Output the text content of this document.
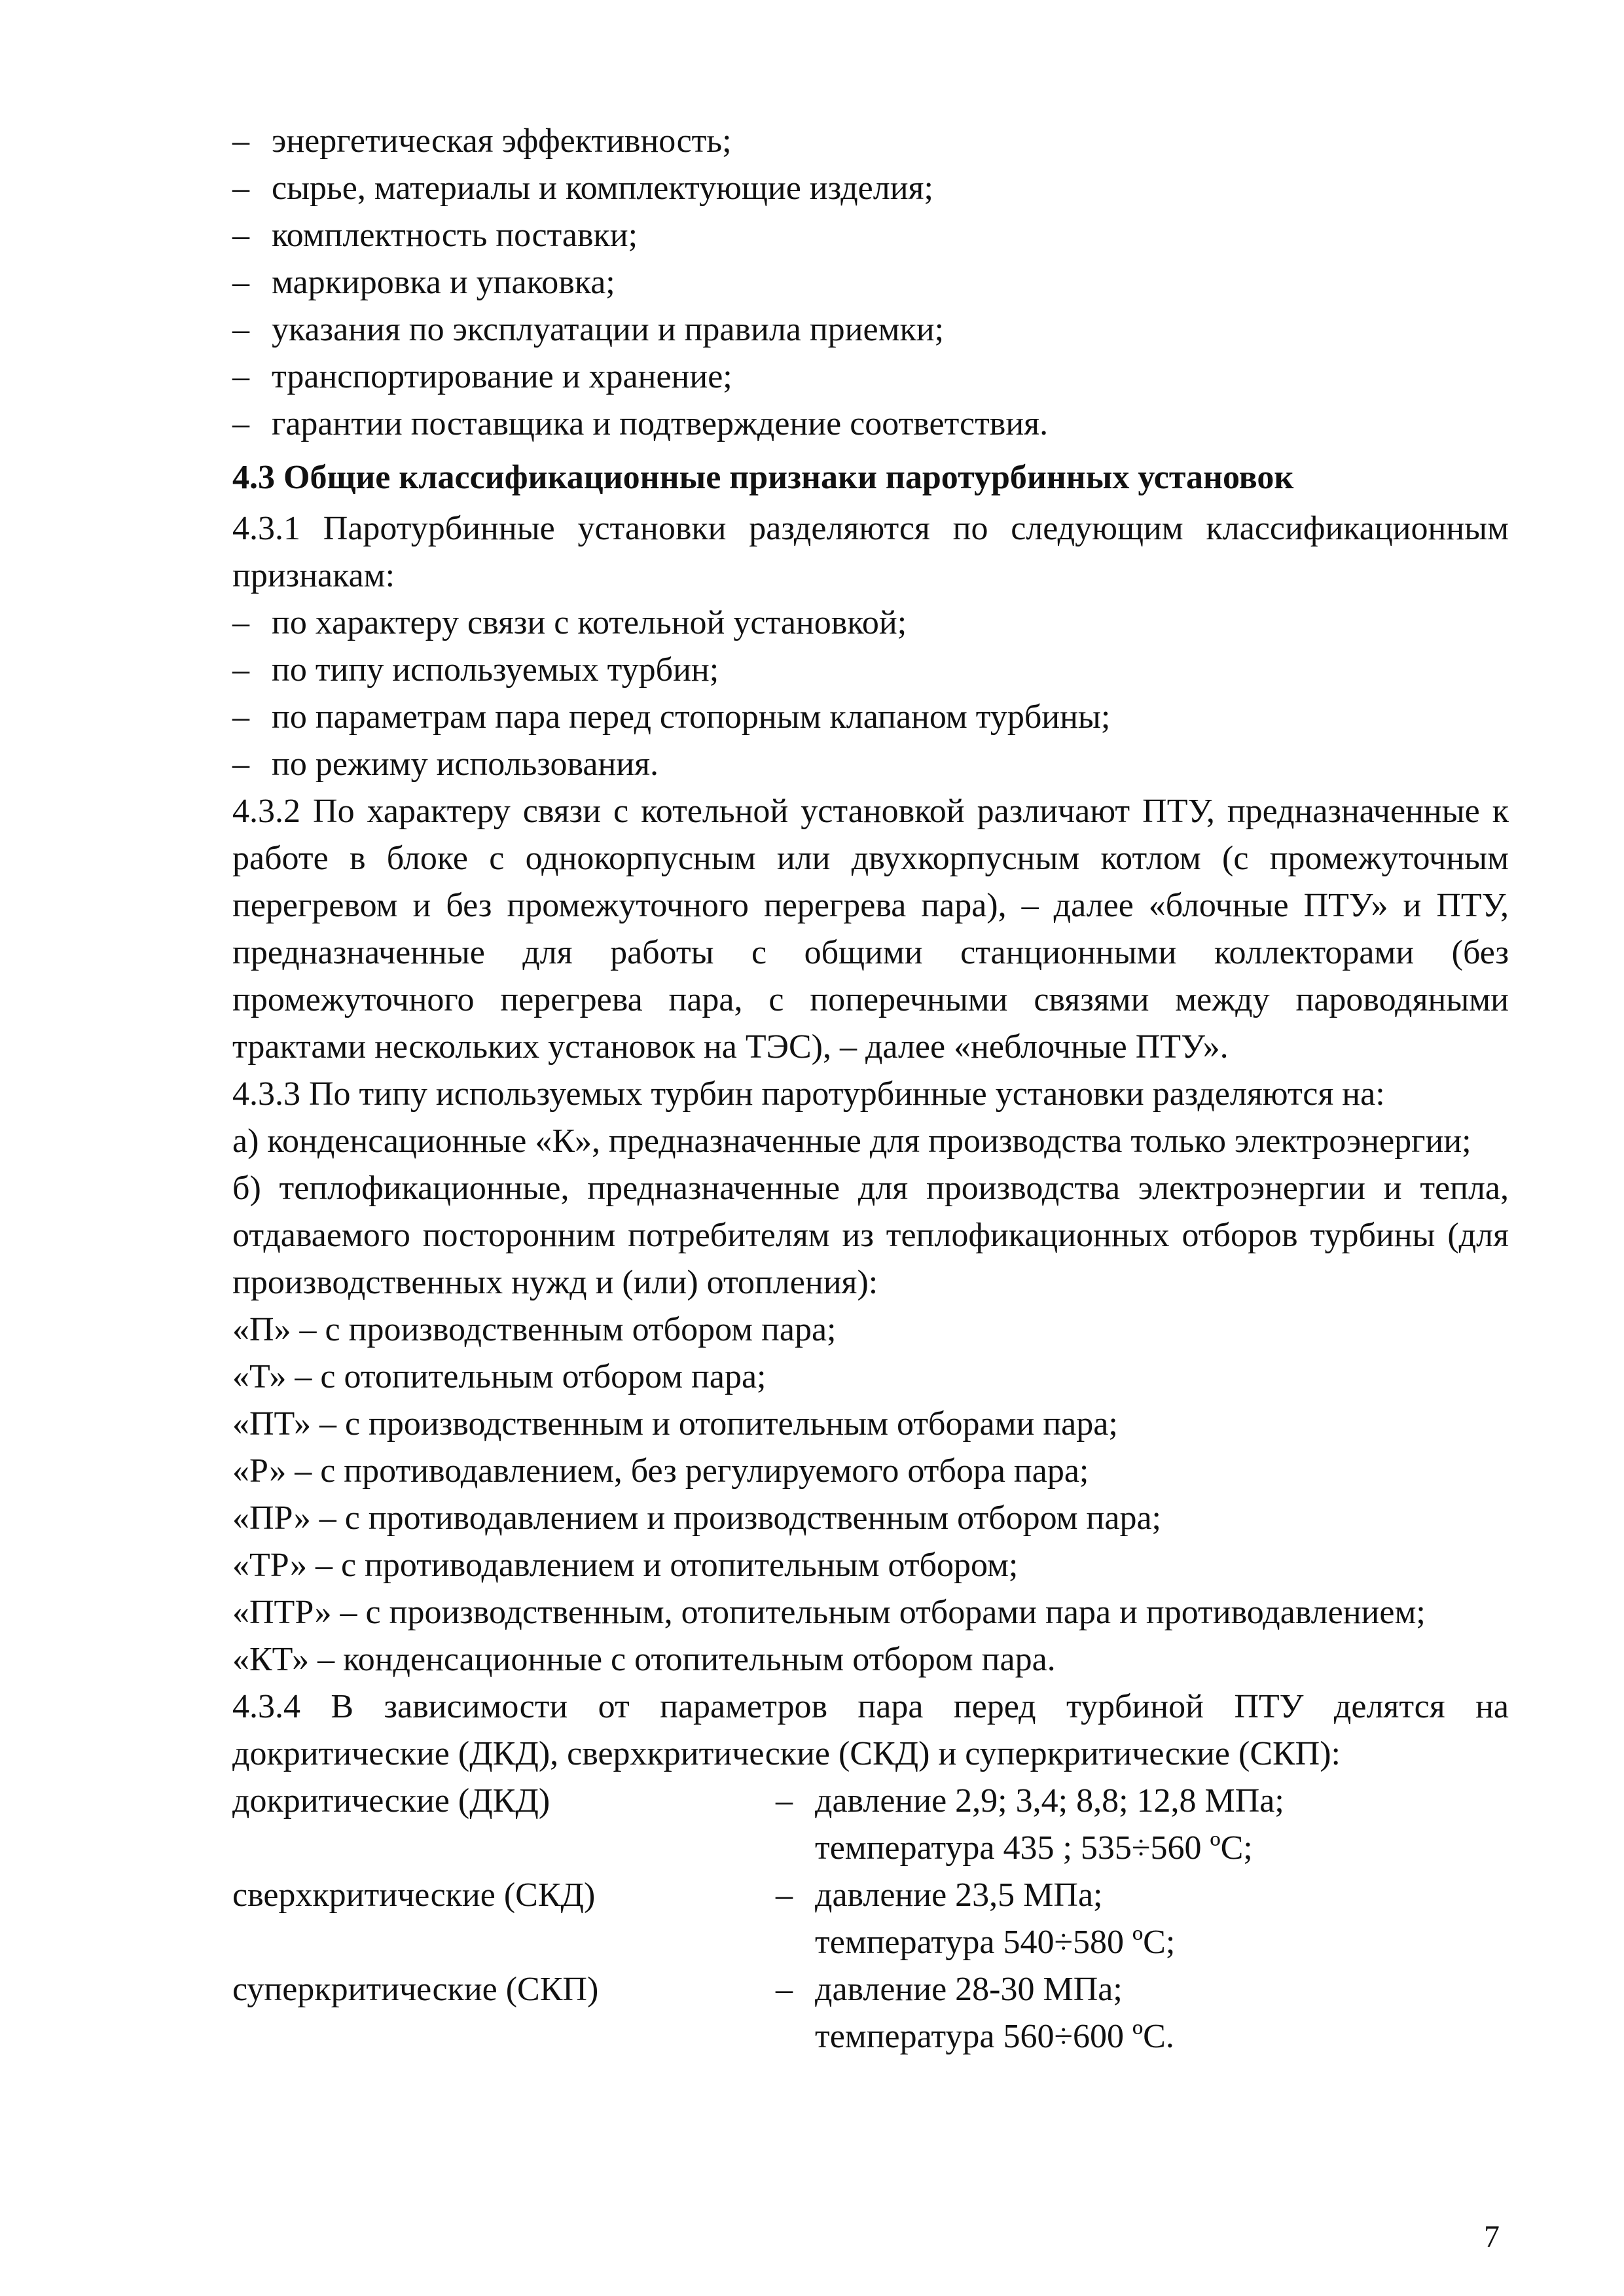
– энергетическая эффективность;
– сырье, материалы и комплектующие изделия;
– комплектность поставки;
– маркировка и упаковка;
– указания по эксплуатации и правила приемки;
– транспортирование и хранение;
– гарантии поставщика и подтверждение соответствия.

4.3 Общие классификационные признаки паротурбинных установок

4.3.1 Паротурбинные установки разделяются по следующим классификационным признакам:

– по характеру связи с котельной установкой;
– по типу используемых турбин;
– по параметрам пара перед стопорным клапаном турбины;
– по режиму использования.

4.3.2 По характеру связи с котельной установкой различают ПТУ, предназначенные к работе в блоке с однокорпусным или двухкорпусным котлом (с промежуточным перегревом и без промежуточного перегрева пара), – далее «блочные ПТУ» и ПТУ, предназначенные для работы с общими станционными коллекторами (без промежуточного перегрева пара, с поперечными связями между пароводяными трактами нескольких установок на ТЭС), – далее «неблочные ПТУ».

4.3.3 По типу используемых турбин паротурбинные установки разделяются на:

а) конденсационные «К», предназначенные для производства только электроэнергии;

б) теплофикационные, предназначенные для производства электроэнергии и тепла, отдаваемого посторонним потребителям из теплофикационных отборов турбины (для производственных нужд и (или) отопления):

«П» – с производственным отбором пара;

«Т» – с отопительным отбором пара;

«ПТ» – с производственным и отопительным отборами пара;

«Р» – с противодавлением, без регулируемого отбора пара;

«ПР» – с противодавлением и производственным отбором пара;

«ТР» – с противодавлением и отопительным отбором;

«ПТР» – с производственным, отопительным отборами пара и противодавлением;

«КТ» – конденсационные с отопительным отбором пара.

4.3.4 В зависимости от параметров пара перед турбиной ПТУ делятся на докритические (ДКД), сверхкритические (СКД) и суперкритические (СКП):

докритические (ДКД)	– давление 2,9; 3,4; 8,8; 12,8 МПа;
температура 435 ; 535÷560 ºС;
сверхкритические (СКД)	– давление 23,5 МПа;
температура 540÷580 ºС;
суперкритические (СКП)	– давление 28-30 МПа;
температура 560÷600 ºС.
7
